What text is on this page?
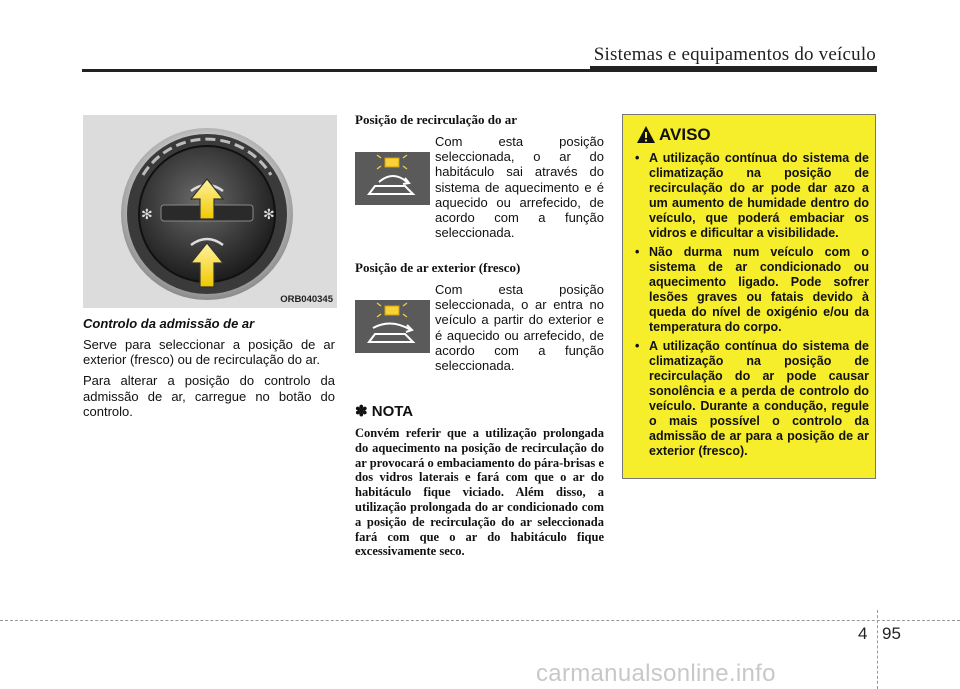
Sistemas e equipamentos do veículo
✻	✻
ORB040345

Controlo da admissão de ar

Serve para seleccionar a posição de ar exterior (fresco) ou de recirculação do ar.

Para alterar a posição do controlo da admissão de ar, carregue no botão do controlo.

Posição de recirculação do ar

Com esta posição seleccionada, o ar do habitáculo sai através do sistema de aquecimento e é aquecido ou arrefecido, de acordo com a função seleccionada.

Posição de ar exterior (fresco)

Com esta posição seleccionada, o ar entra no veículo a partir do exterior e é aquecido ou arrefecido, de acordo com a função seleccionada.
✽ NOTA

Convém referir que a utilização prolongada do aquecimento na posição de recirculação do ar provocará o embaciamento do pára-brisas e dos vidros laterais e fará com que o ar do habitáculo fique viciado. Além disso, a utilização prolongada do ar condicionado com a posição de recirculação do ar seleccionada fará com que o ar do habitáculo fique excessivamente seco.

AVISO
• A utilização contínua do sistema de climatização na posição de recirculação do ar pode dar azo a um aumento de humidade dentro do veículo, que poderá embaciar os vidros e dificultar a visibilidade.
• Não durma num veículo com o sistema de ar condicionado ou aquecimento ligado. Pode sofrer lesões graves ou fatais devido à queda do nível de oxigénio e/ou da temperatura do corpo.
• A utilização contínua do sistema de climatização na posição de recirculação do ar pode causar sonolência e a perda de controlo do veículo. Durante a condução, regule o mais possível o controlo da admissão de ar para a posição de ar exterior (fresco).
4 95
carmanualsonline.info
